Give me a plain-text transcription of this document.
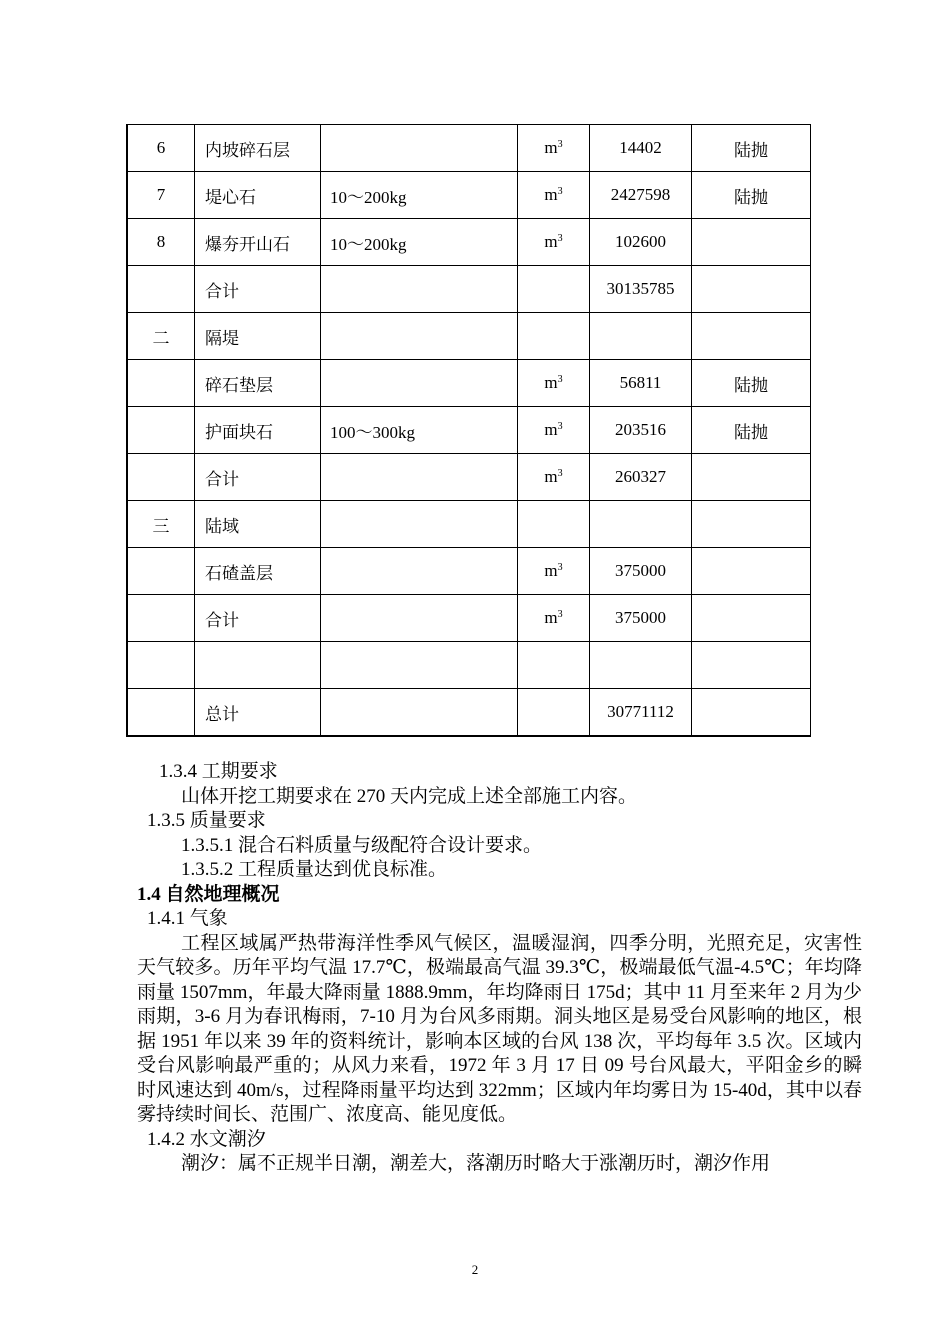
6	内坡碎石层		$m^3$	14402	陆抛
7	堤心石	10～200kg	$m^3$	2427598	陆抛
8	爆夯开山石	10～200kg	$m^3$	102600	
	合计			30135785	
二	隔堤				
	碎石垫层		$m^3$	56811	陆抛
	护面块石	100～300kg	$m^3$	203516	陆抛
	合计		$m^3$	260327	
三	陆域				
	石碴盖层		$m^3$	375000	
	合计		$m^3$	375000	

	总计			30771112	

1.3.4 工期要求

山体开挖工期要求在 270 天内完成上述全部施工内容。

1.3.5 质量要求

1.3.5.1 混合石料质量与级配符合设计要求。

1.3.5.2 工程质量达到优良标准。

1.4 自然地理概况

1.4.1 气象

工程区域属严热带海洋性季风气候区，温暖湿润，四季分明，光照充足，灾害性天气较多。历年平均气温 17.7℃，极端最高气温 39.3℃，极端最低气温-4.5℃；年均降雨量 1507mm，年最大降雨量 1888.9mm，年均降雨日 175d；其中 11 月至来年 2 月为少雨期，3-6 月为春讯梅雨，7-10 月为台风多雨期。洞头地区是易受台风影响的地区，根据 1951 年以来 39 年的资料统计，影响本区域的台风 138 次，平均每年 3.5 次。区域内受台风影响最严重的；从风力来看，1972 年 3 月 17 日 09 号台风最大，平阳金乡的瞬时风速达到 40m/s，过程降雨量平均达到 322mm；区域内年均雾日为 15-40d，其中以春雾持续时间长、范围广、浓度高、能见度低。

1.4.2 水文潮汐

潮汐：属不正规半日潮，潮差大，落潮历时略大于涨潮历时，潮汐作用

2
